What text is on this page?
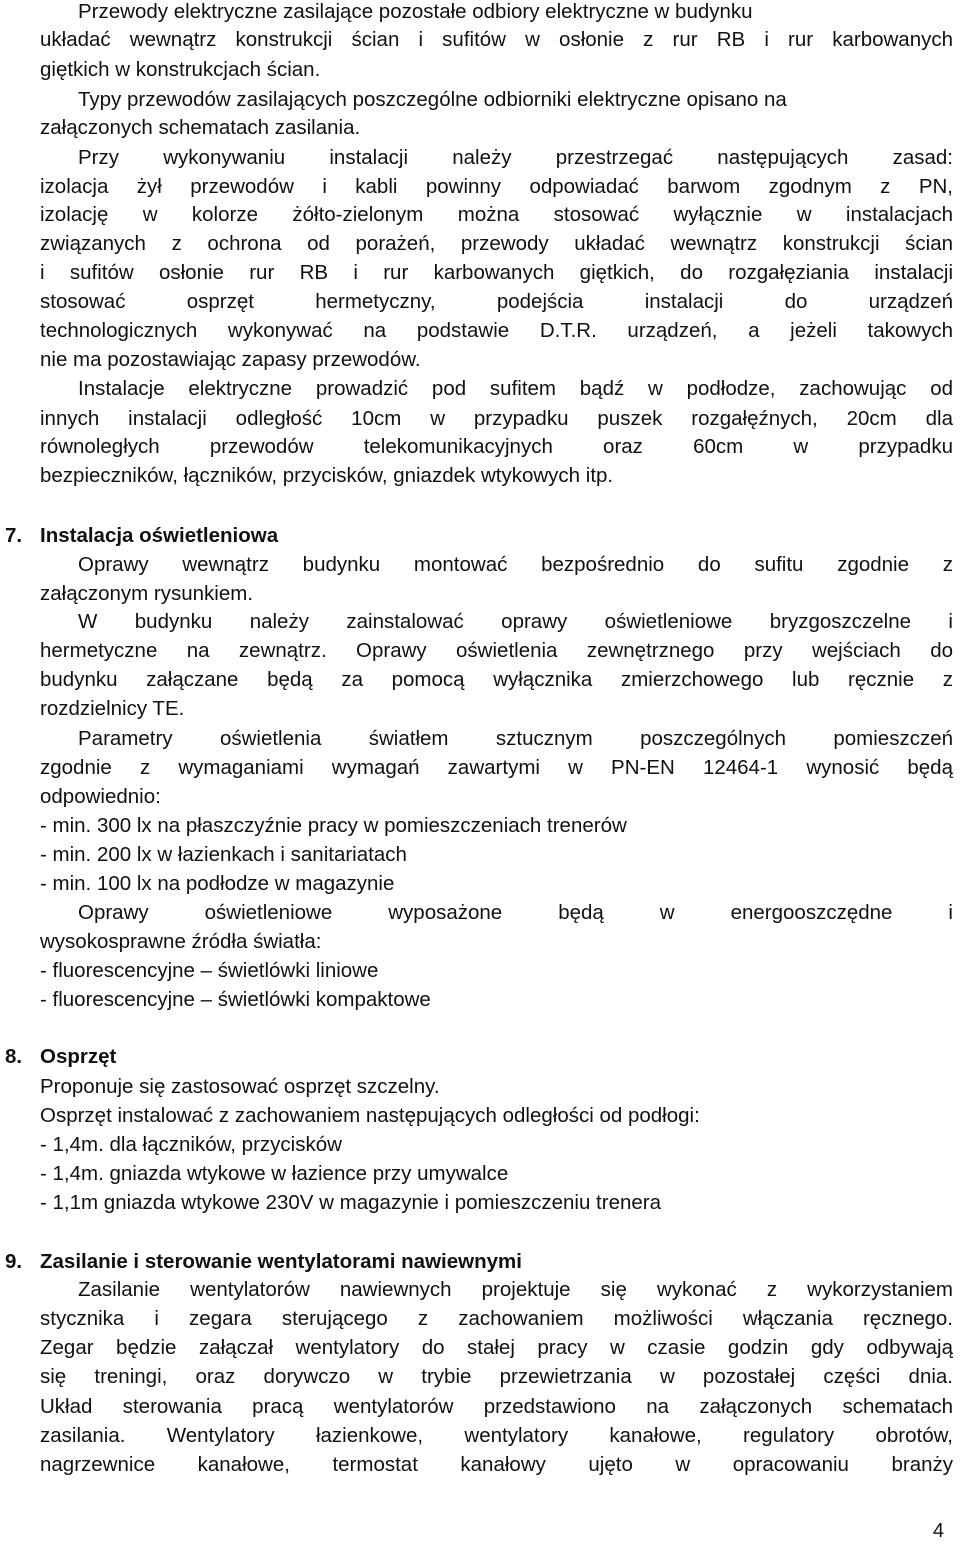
Przewody elektryczne zasilające pozostałe odbiory elektryczne w budynku
układać wewnątrz konstrukcji ścian i sufitów w osłonie z rur RB i rur karbowanych
giętkich w konstrukcjach ścian.
Typy przewodów zasilających poszczególne odbiorniki elektryczne opisano na
załączonych schematach zasilania.
Przy wykonywaniu instalacji należy przestrzegać następujących zasad:
izolacja żył przewodów i kabli powinny odpowiadać barwom zgodnym z PN,
izolację w kolorze żółto-zielonym można stosować wyłącznie w instalacjach
związanych z ochrona od porażeń, przewody układać wewnątrz konstrukcji ścian
i sufitów osłonie rur RB i rur karbowanych giętkich, do rozgałęziania instalacji
stosować osprzęt hermetyczny, podejścia instalacji do urządzeń
technologicznych wykonywać na podstawie D.T.R. urządzeń, a jeżeli takowych
nie ma pozostawiając zapasy przewodów.
Instalacje elektryczne prowadzić pod sufitem bądź w podłodze, zachowując od
innych instalacji odległość 10cm w przypadku puszek rozgałęźnych, 20cm dla
równoległych przewodów telekomunikacyjnych oraz 60cm w przypadku
bezpieczników, łączników, przycisków, gniazdek wtykowych itp.
7. Instalacja oświetleniowa
Oprawy wewnątrz budynku montować bezpośrednio do sufitu zgodnie z
załączonym rysunkiem.
W budynku należy zainstalować oprawy oświetleniowe bryzgoszczelne i
hermetyczne na zewnątrz. Oprawy oświetlenia zewnętrznego przy wejściach do
budynku załączane będą za pomocą wyłącznika zmierzchowego lub ręcznie z
rozdzielnicy TE.
Parametry oświetlenia światłem sztucznym poszczególnych pomieszczeń
zgodnie z wymaganiami wymagań zawartymi w PN-EN 12464-1 wynosić będą
odpowiednio:
- min. 300 lx na płaszczyźnie pracy w pomieszczeniach trenerów
- min. 200 lx w łazienkach i sanitariatach
- min. 100 lx na podłodze w magazynie
Oprawy oświetleniowe wyposażone będą w energooszczędne i
wysokosprawne źródła światła:
- fluorescencyjne – świetlówki liniowe
- fluorescencyjne – świetlówki kompaktowe
8. Osprzęt
Proponuje się zastosować osprzęt szczelny.
Osprzęt instalować z zachowaniem następujących odległości od podłogi:
- 1,4m. dla łączników, przycisków
- 1,4m. gniazda wtykowe w łazience przy umywalce
- 1,1m gniazda wtykowe 230V w magazynie i pomieszczeniu trenera
9. Zasilanie i sterowanie wentylatorami nawiewnymi
Zasilanie wentylatorów nawiewnych projektuje się wykonać z wykorzystaniem
stycznika i zegara sterującego z zachowaniem możliwości włączania ręcznego.
Zegar będzie załączał wentylatory do stałej pracy w czasie godzin gdy odbywają
się treningi, oraz dorywczo w trybie przewietrzania w pozostałej części dnia.
Układ sterowania pracą wentylatorów przedstawiono na załączonych schematach
zasilania. Wentylatory łazienkowe, wentylatory kanałowe, regulatory obrotów,
nagrzewnice kanałowe, termostat kanałowy ujęto w opracowaniu branży
4
